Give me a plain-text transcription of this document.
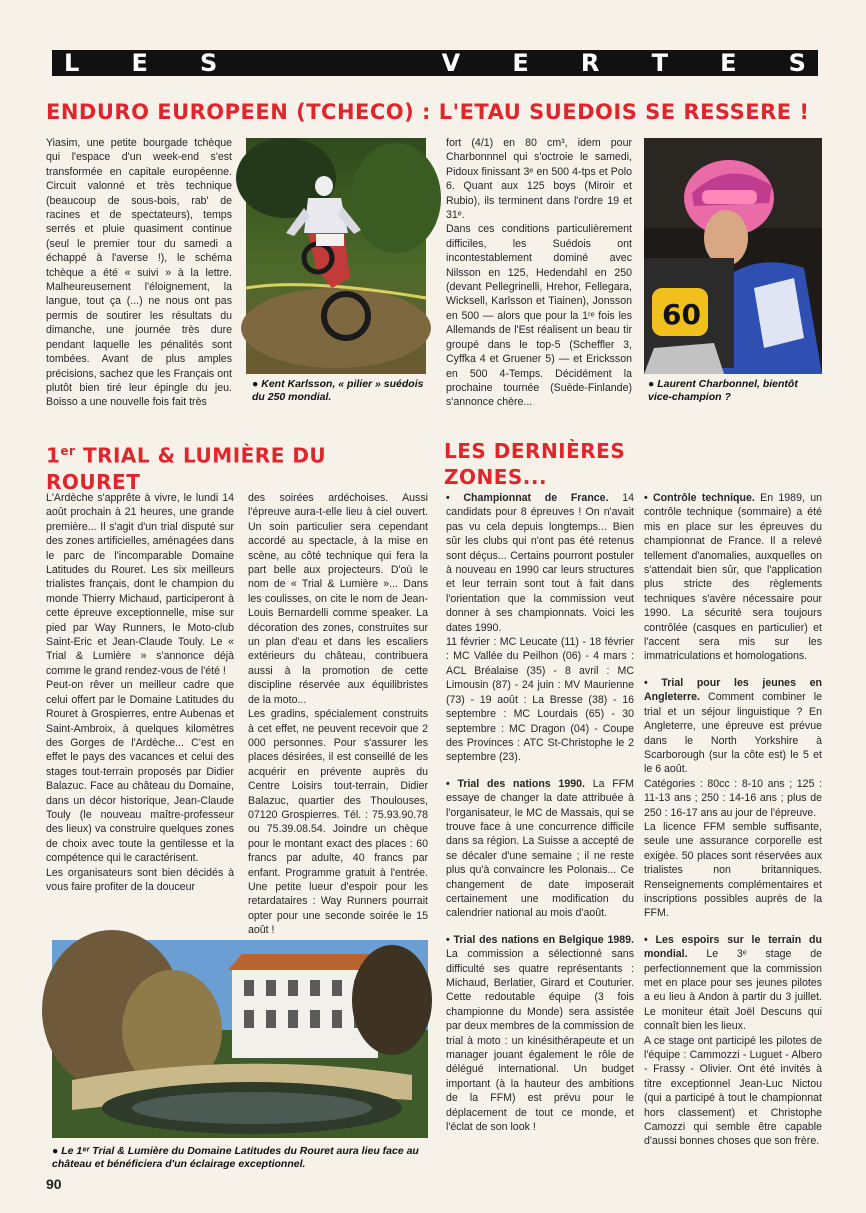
L E S	V E R T E S
ENDURO EUROPEEN (TCHECO) : L'ETAU SUEDOIS SE RESSERE !
Yiasim, une petite bourgade tchèque qui l'espace d'un week-end s'est transformée en capitale européenne. Circuit valonné et très technique (beaucoup de sous-bois, rab' de racines et de spectateurs), temps serrés et pluie quasiment continue (seul le premier tour du samedi a échappé à l'averse !), le schéma tchèque a été « suivi » à la lettre. Malheureusement l'éloignement, la langue, tout ça (...) ne nous ont pas permis de soutirer les résultats du dimanche, une journée très dure pendant laquelle les pénalités sont tombées. Avant de plus amples précisions, sachez que les Français ont plutôt bien tiré leur épingle du jeu. Boisso a une nouvelle fois fait très
● Kent Karlsson, « pilier » suédois du 250 mondial.
fort (4/1) en 80 cm³, idem pour Charbonnnel qui s'octroie le samedi, Pidoux finissant 3ᵉ en 500 4-tps et Polo 6. Quant aux 125 boys (Miroir et Rubio), ils terminent dans l'ordre 19 et 31ᵉ.
Dans ces conditions particulièrement difficiles, les Suédois ont incontestablement dominé avec Nilsson en 125, Hedendahl en 250 (devant Pellegrinelli, Hrehor, Fellegara, Wicksell, Karlsson et Tiainen), Jonsson en 500 — alors que pour la 1ʳᵉ fois les Allemands de l'Est réalisent un beau tir groupé dans le top-5 (Scheffler 3, Cyffka 4 et Gruener 5) — et Ericksson en 500 4-Temps. Décidément la prochaine tournée (Suède-Finlande) s'annonce chère...
60
● Laurent Charbonnel, bientôt vice-champion ?
1er TRIAL & LUMIÈRE DU ROURET
L'Ardèche s'apprête à vivre, le lundi 14 août prochain à 21 heures, une grande première... Il s'agit d'un trial disputé sur des zones artificielles, aménagées dans le parc de l'incomparable Domaine Latitudes du Rouret. Les six meilleurs trialistes français, dont le champion du monde Thierry Michaud, participeront à cette épreuve exceptionnelle, mise sur pied par Way Runners, le Moto-club Saint-Eric et Jean-Claude Touly. Le « Trial & Lumière » s'annonce déjà comme le grand rendez-vous de l'été !
Peut-on rêver un meilleur cadre que celui offert par le Domaine Latitudes du Rouret à Grospierres, entre Aubenas et Saint-Ambroix, à quelques kilomètres des Gorges de l'Ardèche... C'est en effet le pays des vacances et celui des stages tout-terrain proposés par Didier Balazuc. Face au château du Domaine, dans un décor historique, Jean-Claude Touly (le nouveau maître-professeur des lieux) va construire quelques zones de choix avec toute la gentilesse et la compétence qui le caractérisent.
Les organisateurs sont bien décidés à vous faire profiter de la douceur
des soirées ardéchoises. Aussi l'épreuve aura-t-elle lieu à ciel ouvert. Un soin particulier sera cependant accordé au spectacle, à la mise en scène, au côté technique qui fera la part belle aux projecteurs. D'où le nom de « Trial & Lumière »... Dans les coulisses, on cite le nom de Jean-Louis Bernardelli comme speaker. La décoration des zones, construites sur un plan d'eau et dans les escaliers extérieurs du château, contribuera aussi à la promotion de cette discipline réservée aux équilibristes de la moto...
Les gradins, spécialement construits à cet effet, ne peuvent recevoir que 2 000 personnes. Pour s'assurer les places désirées, il est conseillé de les acquérir en prévente auprès du Centre Loisirs tout-terrain, Didier Balazuc, quartier des Thoulouses, 07120 Grospierres. Tél. : 75.93.90.78 ou 75.39.08.54. Joindre un chèque pour le montant exact des places : 60 francs par adulte, 40 francs par enfant. Programme gratuit à l'entrée. Une petite lueur d'espoir pour les retardataires : Way Runners pourrait opter pour une seconde soirée le 15 août !

● Le 1ᵉʳ Trial & Lumière du Domaine Latitudes du Rouret aura lieu face au château et bénéficiera d'un éclairage exceptionnel.
LES DERNIÈRES ZONES...

• Championnat de France. 14 candidats pour 8 épreuves ! On n'avait pas vu cela depuis longtemps... Bien sûr les clubs qui n'ont pas été retenus sont déçus... Certains pourront postuler à nouveau en 1990 car leurs structures et leur terrain sont tout à fait dans l'orientation que la commission veut donner à ses championnats. Voici les dates 1990.
11 février : MC Leucate (11) - 18 février : MC Vallée du Peilhon (06) - 4 mars : ACL Bréalaise (35) - 8 avril : MC Limousin (87) - 24 juin : MV Maurienne (73) - 19 août : La Bresse (38) - 16 septembre : MC Lourdais (65) - 30 septembre : MC Dragon (04) - Coupe des Provinces : ATC St-Christophe le 2 septembre (23).

• Trial des nations 1990. La FFM essaye de changer la date attribuée à l'organisateur, le MC de Massais, qui se trouve face à une concurrence difficile dans sa région. La Suisse a accepté de se décaler d'une semaine ; il ne reste plus qu'à convaincre les Polonais... Ce changement de date imposerait certainement une modification du calendrier national au mois d'août.

• Trial des nations en Belgique 1989. La commission a sélectionné sans difficulté ses quatre représentants : Michaud, Berlatier, Girard et Couturier. Cette redoutable équipe (3 fois championne du Monde) sera assistée par deux membres de la commission de trial à moto : un kinésithérapeute et un manager jouant également le rôle de délégué international. Un budget important (à la hauteur des ambitions de la FFM) est prévu pour le déplacement de tout ce monde, et l'éclat de son look !

• Contrôle technique. En 1989, un contrôle technique (sommaire) a été mis en place sur les épreuves du championnat de France. Il a relevé tellement d'anomalies, auxquelles on s'attendait bien sûr, que l'application plus stricte des règlements techniques s'avère nécessaire pour 1990. La sécurité sera toujours contrôlée (casques en particulier) et l'accent sera mis sur les immatriculations et homologations.

• Trial pour les jeunes en Angleterre. Comment combiner le trial et un séjour linguistique ? En Angleterre, une épreuve est prévue dans le North Yorkshire à Scarborough (sur la côte est) le 5 et le 6 août.
Catégories : 80cc : 8-10 ans ; 125 : 11-13 ans ; 250 : 14-16 ans ; plus de 250 : 16-17 ans au jour de l'épreuve.
La licence FFM semble suffisante, seule une assurance corporelle est exigée. 50 places sont réservées aux trialistes non britanniques. Renseignements complémentaires et inscriptions possibles auprès de la FFM.

• Les espoirs sur le terrain du mondial. Le 3ᵉ stage de perfectionnement que la commission met en place pour ses jeunes pilotes a eu lieu à Andon à partir du 3 juillet. Le moniteur était Joël Descuns qui connaît bien les lieux.
A ce stage ont participé les pilotes de l'équipe : Cammozzi - Luguet - Albero - Frassy - Olivier. Ont été invités à titre exceptionnel Jean-Luc Nictou (qui a participé à tout le championnat hors classement) et Christophe Camozzi qui semble être capable d'aussi bonnes choses que son frère.

90
